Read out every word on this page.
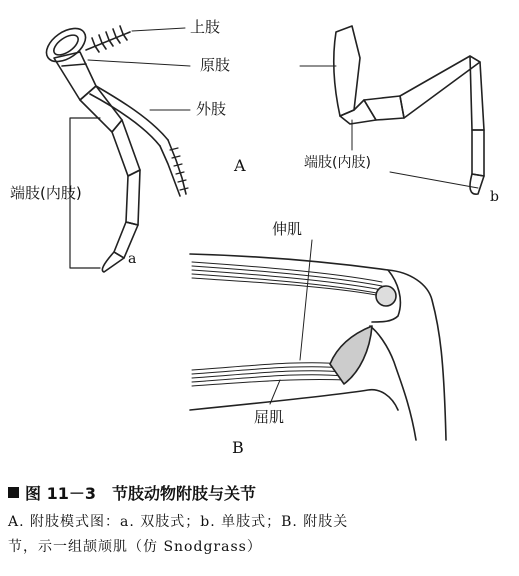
上肢
原肢
外肢
端肢(内肢)
端肢(内肢)
伸肌
屈肌
A
B
a
b
图 11－3　节肢动物附肢与关节
A. 附肢模式图：a. 双肢式；b. 单肢式；B. 附肢关
节，示一组颉颃肌（仿 Snodgrass）
